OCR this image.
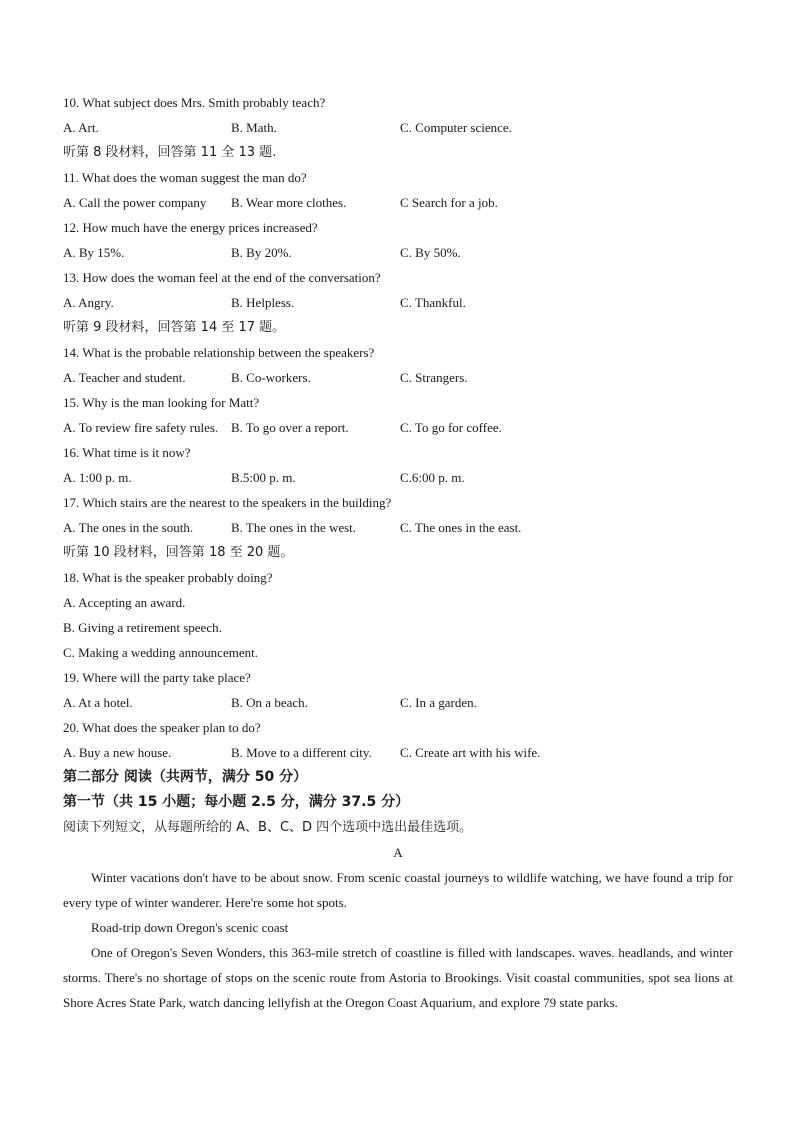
10. What subject does Mrs. Smith probably teach?
A. Art.	B. Math.	C. Computer science.
听第 8 段材料，回答第 11 全 13 题.
11. What does the woman suggest the man do?
A. Call the power company B. Wear more clothes.	C Search for a job.
12. How much have the energy prices increased?
A. By 15%.	B. By 20%.	C. By 50%.
13. How does the woman feel at the end of the conversation?
A. Angry.	B. Helpless.	C. Thankful.
听第 9 段材料，回答第 14 至 17 题。
14. What is the probable relationship between the speakers?
A. Teacher and student.	B. Co-workers.	C. Strangers.
15. Why is the man looking for Matt?
A. To review fire safety rules. B. To go over a report.	C. To go for coffee.
16. What time is it now?
A. 1:00 p. m.	B.5:00 p. m.	C.6:00 p. m.
17. Which stairs are the nearest to the speakers in the building?
A. The ones in the south.	B. The ones in the west.	C. The ones in the east.
听第 10 段材料，回答第 18 至 20 题。
18. What is the speaker probably doing?
A. Accepting an award.
B. Giving a retirement speech.
C. Making a wedding announcement.
19. Where will the party take place?
A. At a hotel.	B. On a beach.	C. In a garden.
20. What does the speaker plan to do?
A. Buy a new house.	B. Move to a different city. C. Create art with his wife.
第二部分 阅读（共两节，满分 50 分）
第一节（共 15 小题；每小题 2.5 分，满分 37.5 分）
阅读下列短文，从每题所给的 A、B、C、D 四个选项中选出最佳选项。
A

Winter vacations don't have to be about snow. From scenic coastal journeys to wildlife watching, we have found a trip for every type of winter wanderer. Here're some hot spots.

Road-trip down Oregon's scenic coast

One of Oregon's Seven Wonders, this 363-mile stretch of coastline is filled with landscapes. waves. headlands, and winter storms. There's no shortage of stops on the scenic route from Astoria to Brookings. Visit coastal communities, spot sea lions at Shore Acres State Park, watch dancing lellyfish at the Oregon Coast Aquarium, and explore 79 state parks.
